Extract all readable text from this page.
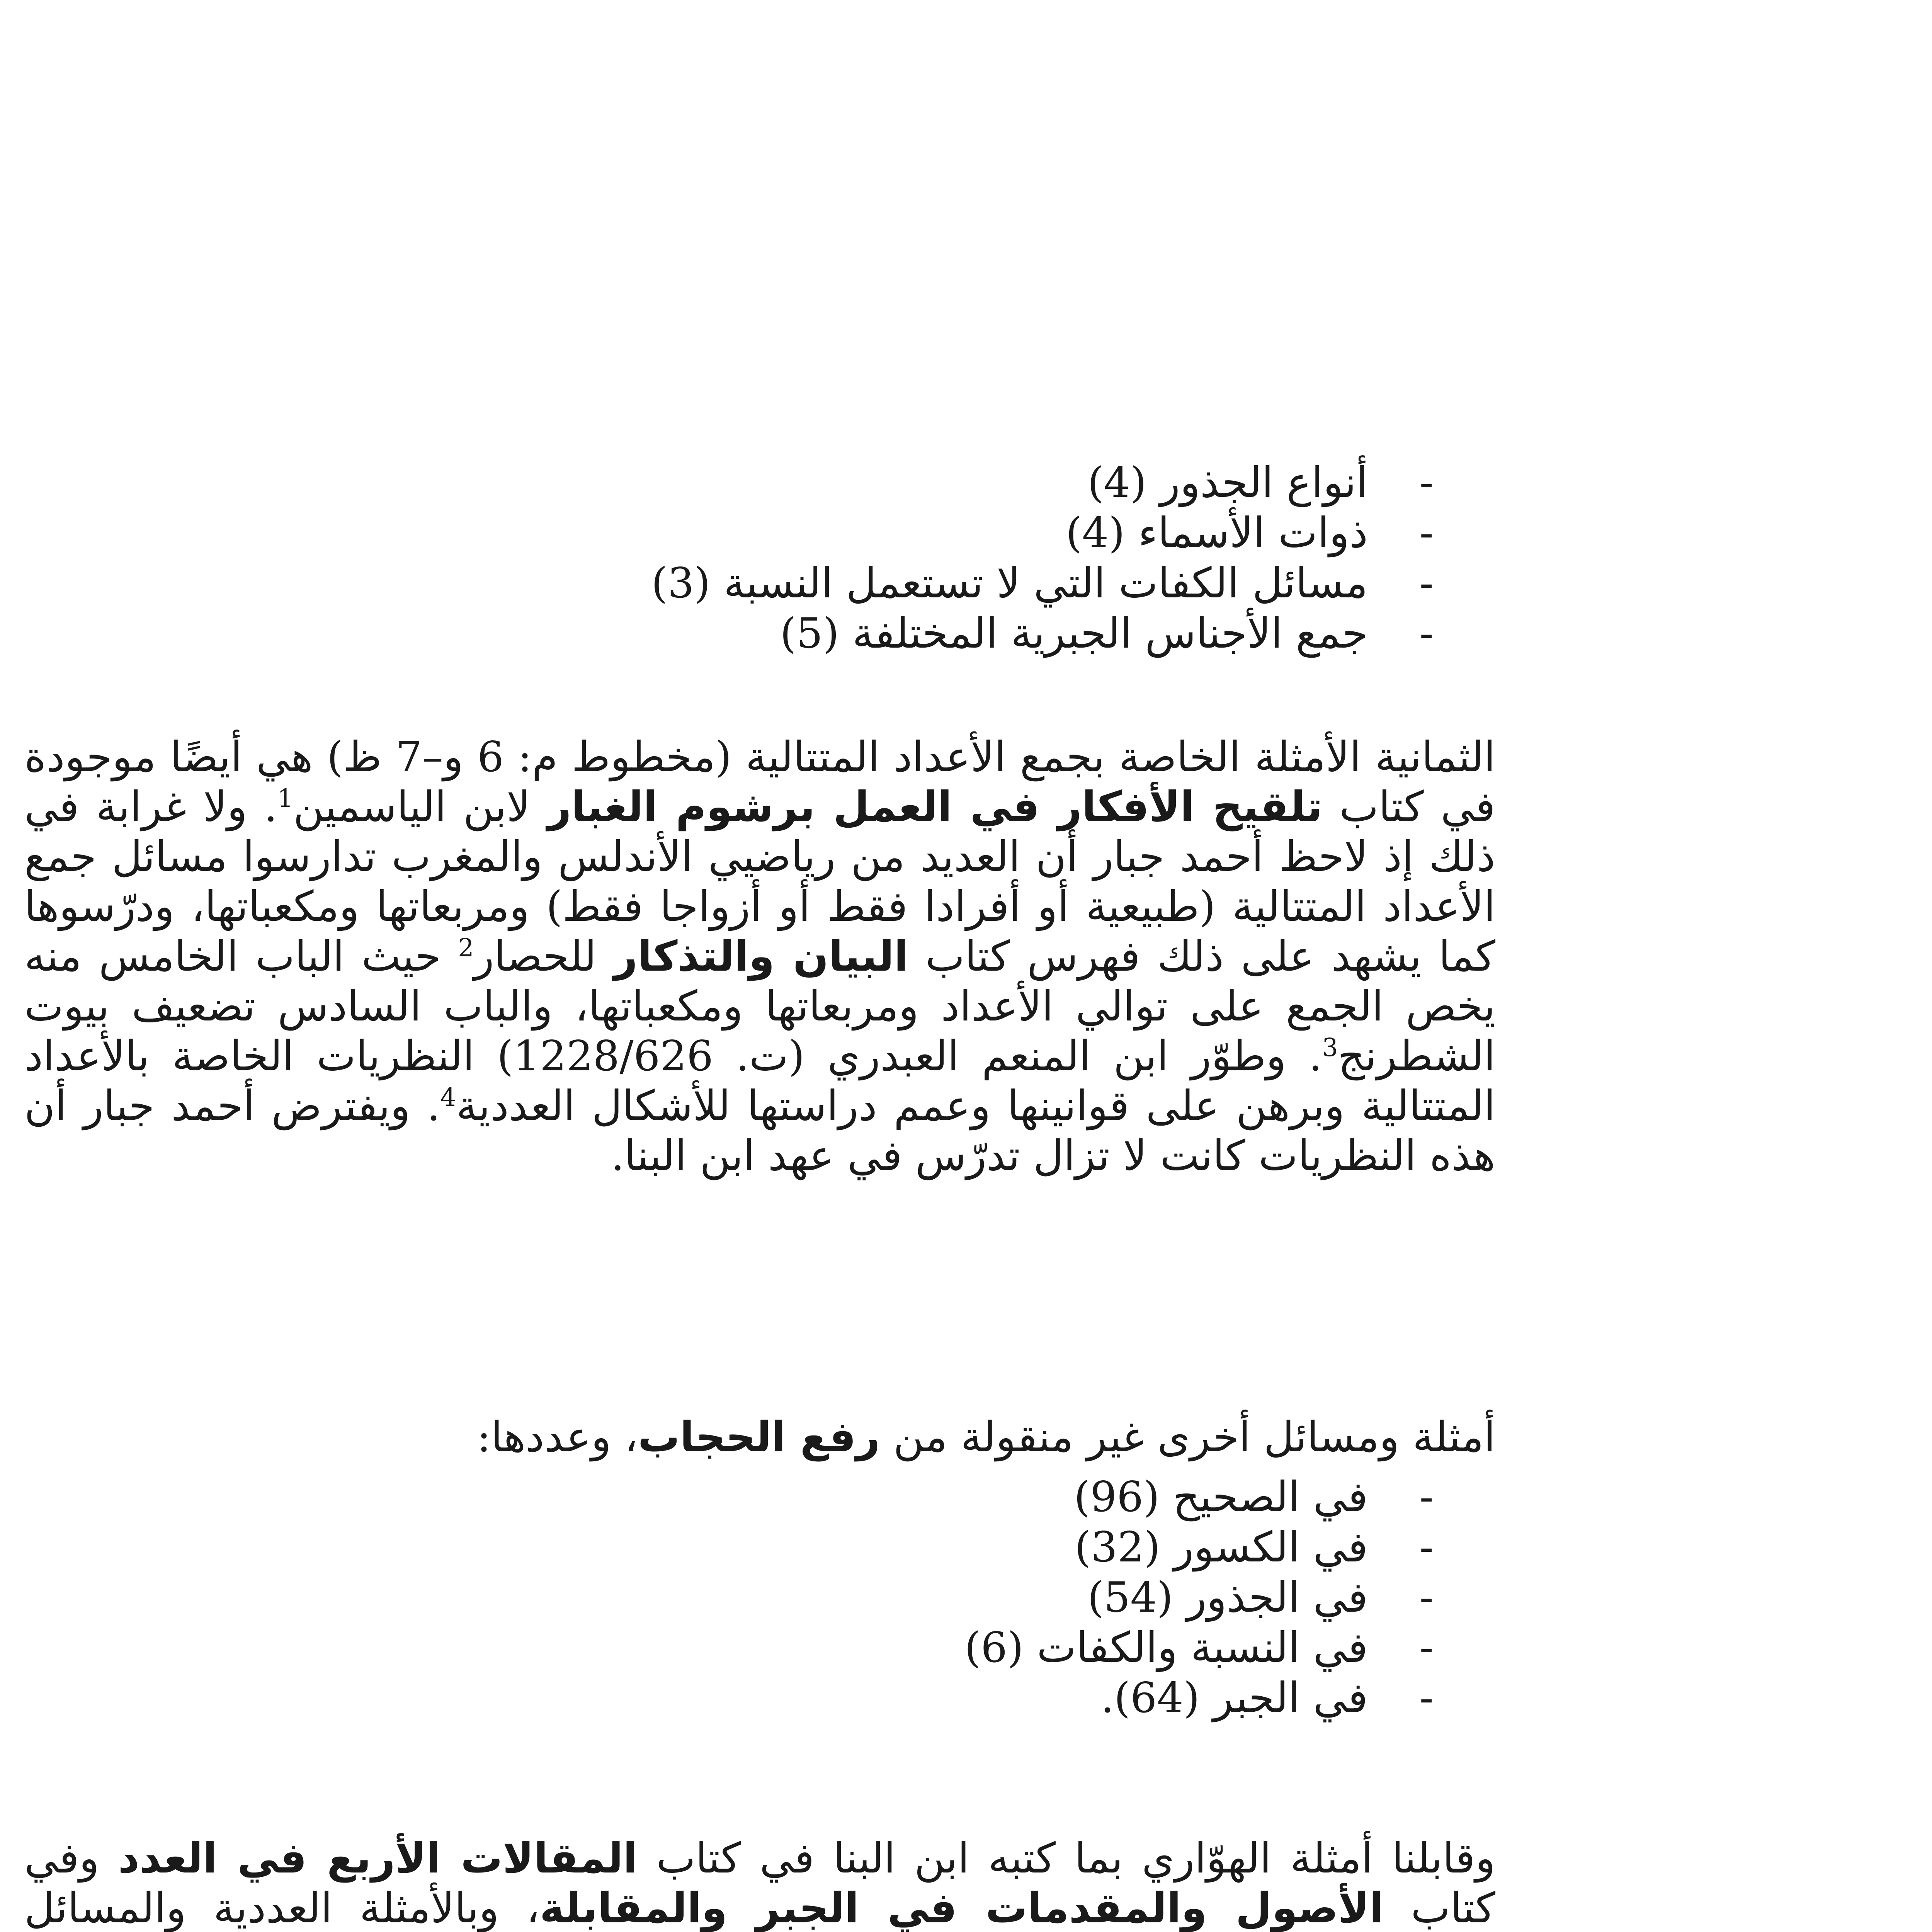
-
أنواع الجذور (4)
-
ذوات الأسماء (4)
-
مسائل الكفات التي لا تستعمل النسبة (3)
-
جمع الأجناس الجبرية المختلفة (5)

الثمانية الأمثلة الخاصة بجمع الأعداد المتتالية (مخطوط م: 6 و–7 ظ) هي أيضًا موجودة في كتاب تلقيح الأفكار في العمل برشوم الغبار لابن الياسمين$^1$. ولا غرابة في ذلك إذ لاحظ أحمد جبار أن العديد من رياضيي الأندلس والمغرب تدارسوا مسائل جمع الأعداد المتتالية (طبيعية أو أفرادا فقط أو أزواجا فقط) ومربعاتها ومكعباتها، ودرّسوها كما يشهد على ذلك فهرس كتاب البيان والتذكار للحصار$^2$ حيث الباب الخامس منه يخص الجمع على توالي الأعداد ومربعاتها ومكعباتها، والباب السادس تضعيف بيوت الشطرنج$^3$. وطوّر ابن المنعم العبدري (ت. 1228/626) النظريات الخاصة بالأعداد المتتالية وبرهن على قوانينها وعمم دراستها للأشكال العددية$^4$. ويفترض أحمد جبار أن هذه النظريات كانت لا تزال تدرّس في عهد ابن البنا.

أمثلة ومسائل أخرى غير منقولة من رفع الحجاب، وعددها:

-
في الصحيح (96)
-
في الكسور (32)
-
في الجذور (54)
-
في النسبة والكفات (6)
-
في الجبر (64).

وقابلنا أمثلة الهوّاري بما كتبه ابن البنا في كتاب المقالات الأربع في العدد وفي كتاب الأصول والمقدمات في الجبر والمقابلة، وبالأمثلة العددية والمسائل
